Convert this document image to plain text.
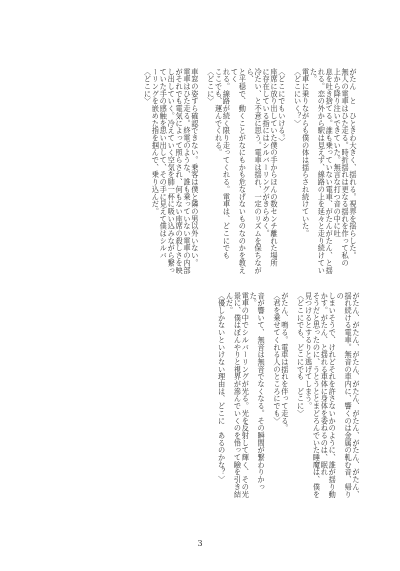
がたん　と　ひときわ大きく、揺れる。視界を揺らした。

無人の電車はひた走る。時折揺れは更なる揺れを作って私の

上から降り注いできていた。無言な打つ音の中に吐

息を吐き捨てる。誰も乗っていない電車、がたんがたん、と揺

れる。恋の外から駅は見えず、線路の上を延々と走り続けていた。

電車に乗りながらも僕の体は揺らされ続けていた。

〈どこにいく？〉

〈どこにでもいける。〉

座席に放り出していた僕の手からほんの数センチ離れた場所

に存在している指にはシルバーリングがきらめく。

冷たい、と不意に思う。電車は揺れ、一定のリズムを保ちながら、

と平穏で、動くことがなにもかも危なげないものなのかを教えてく

れる。線路が続く限り走ってくれる。電車は、どこにでも

ここでも、運んでくれる。

〈どこに〉

車窓の姿すら確認できない。乗客は僕と隣の男以外いない。

電車はひた走る。終電のような、誰も乗っていない電車の内部

がそれでも電気によって照らされ、何もない座席の殺しさを映

し出していく。冷えていく空気を肺一杯に吸い込みながら繋っ

ていた手の感触を思い出して、その手に見えて僕はシルバ

ーリングを嵌めた指を掴んで、乗り込んだ。

〈どこに〉

がたん、がたん、がたん、がたん、がたん、がたん、がたん、

揺れ続ける電車。無音の車内に、響くのは金属の軋む音、帰りの

しまいそうで、けれどそれを許さないかのように、誰が揺り動

かす。がたん、と揺れる車体に身体を委ねるのは、眠れ

そうだと思ったのに、うとうととまどろんでいた睡魔は、僕を

見つけるとするりと逃げてしまう。

〈どこにでも、どこにでも　どこに〉

がたん、鳴る。電車は揺れを伴って走る。

〈君を乗せてくれる人のところにでも〉

音が響いて、無音は無音でなくなる。その瞬間が繋わりかった。

電車の中でシルバーリングが光る。光を反射して輝く、その光

景に、僕はぼんやりと視界が滲んでいくのを悟って瞼を引き結

んだ。

〈優しかないといけない理由は、どこに　あるのかな？〉

3
